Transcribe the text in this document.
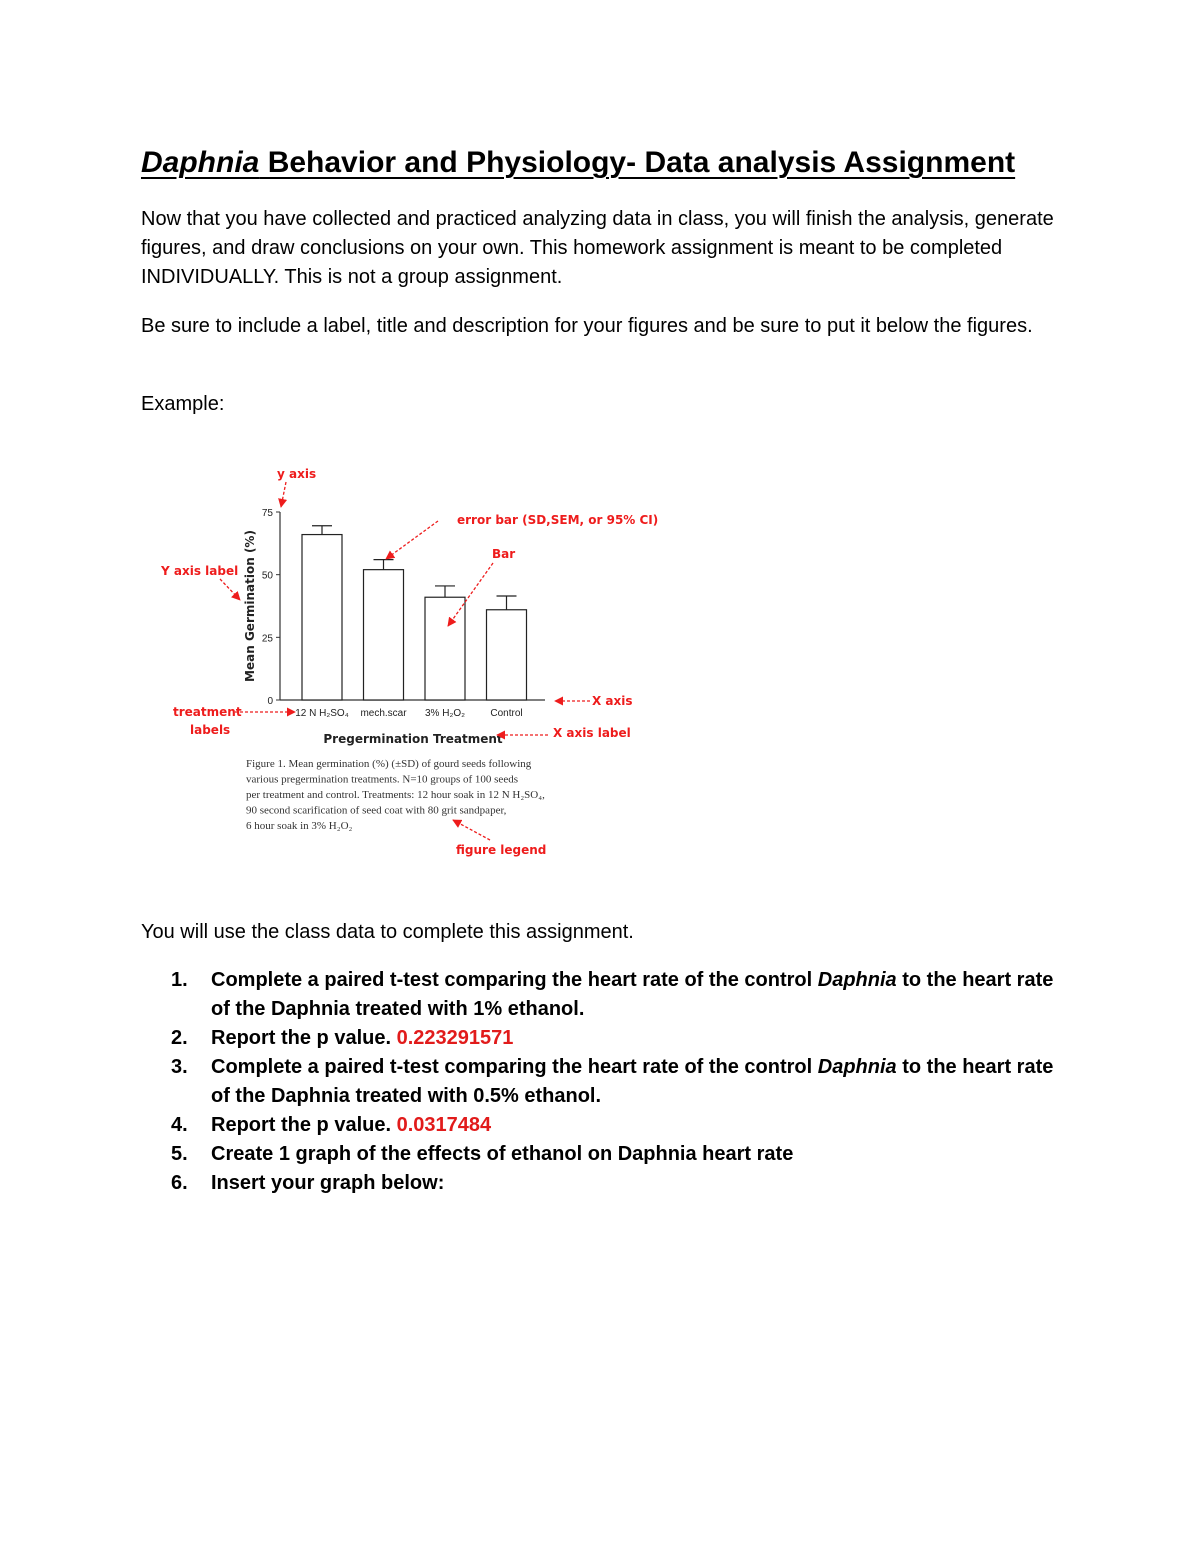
Daphnia Behavior and Physiology- Data analysis Assignment
Now that you have collected and practiced analyzing data in class, you will finish the analysis, generate figures, and draw conclusions on your own. This homework assignment is meant to be completed INDIVIDUALLY. This is not a group assignment.
Be sure to include a label, title and description for your figures and be sure to put it below the figures.
Example:
0
25
50
75
12 N H₂SO₄ mech.scar 3% H₂O₂	Control
Mean Germination (%)
Pregermination Treatment
Figure 1. Mean germination (%) (±SD) of gourd seeds following
various pregermination treatments. N=10 groups of 100 seeds
per treatment and control. Treatments: 12 hour soak in 12 N H₂SO₄,
90 second scarification of seed coat with 80 grit sandpaper,
6 hour soak in 3% H₂O₂
y axis
error bar (SD,SEM, or 95% CI)
Bar
Y axis label
X axis
treatment
labels	X axis label
figure legend
You will use the class data to complete this assignment.
1. Complete a paired t-test comparing the heart rate of the control Daphnia to the heart rate of the Daphnia treated with 1% ethanol.
2. Report the p value. 0.223291571
3. Complete a paired t-test comparing the heart rate of the control Daphnia to the heart rate of the Daphnia treated with 0.5% ethanol.
4. Report the p value. 0.0317484
5. Create 1 graph of the effects of ethanol on Daphnia heart rate
6. Insert your graph below:
